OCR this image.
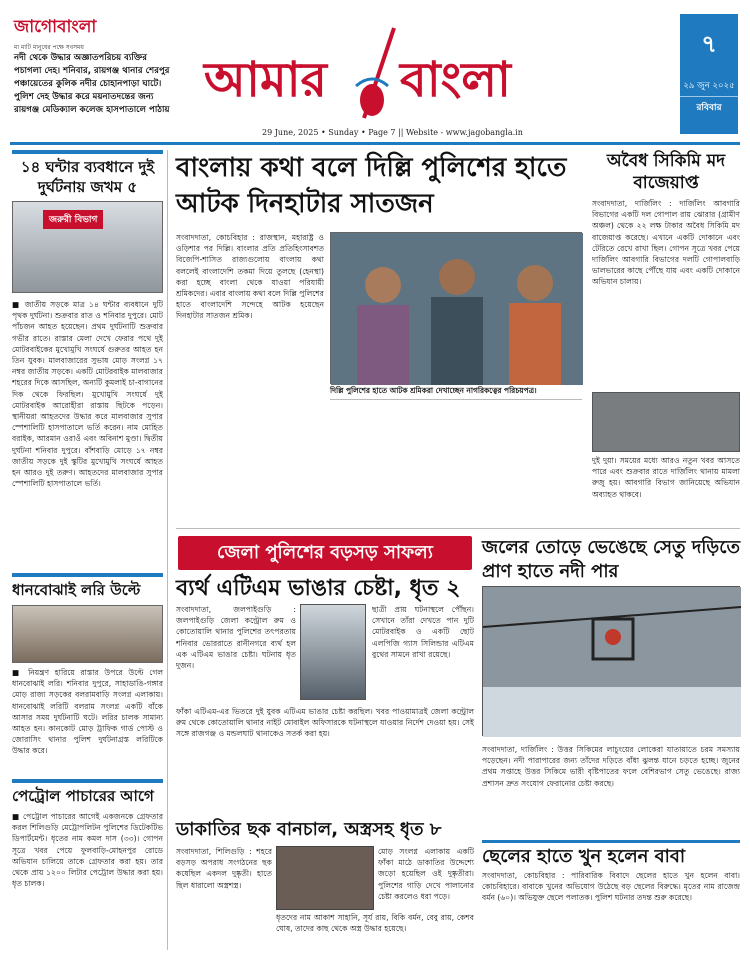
জাগোবাংলা
মা মাটি মানুষের পক্ষে সবসময়
নদী থেকে উদ্ধার অজ্ঞাতপরিচয় ব্যক্তির পচাগলা দেহ। শনিবার, রায়গঞ্জ থানার শেরপুর পঞ্চায়েতের কুলিক নদীর চোহানপাড়া ঘাটে। পুলিশ দেহ উদ্ধার করে ময়নাতদন্তের জন্য রায়গঞ্জ মেডিক্যাল কলেজ হাসপাতালে পাঠায়
আমার বাংলা
29 June, 2025 • Sunday • Page 7 || Website - www.jagobangla.in
৭
২৯ জুন ২০২৫
রবিবার
১৪ ঘন্টার ব্যবধানে দুই দুর্ঘটনায় জখম ৫
জরুরী বিভাগ
■ জাতীয় সড়কে মাত্র ১৪ ঘন্টার ব্যবধানে দুটি পৃথক দুর্ঘটনা। শুক্রবার রাত ও শনিবার দুপুরে। মোট পাঁচজন আহত হয়েছেন। প্রথম দুর্ঘটনাটি শুক্রবার গভীর রাতে। রাস্তার মেলা দেখে ফেরার পথে দুই মোটরবাইকের মুখোমুখি সংঘর্ষে গুরুতর আহত হন তিন যুবক। মালবাজারের সুভাষ মোড় সংলগ্ন ১৭ নম্বর জাতীয় সড়কে। একটি মোটরবাইক মালবাজার শহরের দিকে আসছিল, অন্যটি কুমলাই চা-বাগানের দিক থেকে ফিরছিল। মুখোমুখি সংঘর্ষে দুই মোটরবাইক আরোহীরা রাস্তায় ছিটকে পড়েন। স্থানীয়রা আহতদের উদ্ধার করে মালবাজার সুপার স্পেশালিটি হাসপাতালে ভর্তি করেন। নাম মোহিত বরাইক, আরমান ওরাওঁ এবং অবিনাশ মুণ্ডা। দ্বিতীয় দুর্ঘটনা শনিবার দুপুরে। বাঁশবাড়ি মোড়ে ১৭ নম্বর জাতীয় সড়কে দুই স্কুটির মুখোমুখি সংঘর্ষে আহত হন আরও দুই তরুণ। আহতদের মালবাজার সুপার স্পেশালিটি হাসপাতালে ভর্তি।
ধানবোঝাই লরি উল্টে
■ নিয়ন্ত্রণ হারিয়ে রাস্তার উপরে উল্টে গেল ধানবোঝাই লরি। শনিবার দুপুরে, সাহাডাঙি-গঙ্গার মোড় রাজ্য সড়কের বলরামবাড়ি সংলগ্ন এলাকায়। ধানবোঝাই লরিটি বলরাম সংলগ্ন একটি বাঁকে আসার সময় দুর্ঘটনাটি ঘটে। লরির চালক সামান্য আহত হন। কানকোট মোড় ট্রাফিক গার্ড পোস্ট ও জোরাসিং থানার পুলিশ দুর্ঘটনাগ্রস্ত লরিটিকে উদ্ধার করে।
পেট্রোল পাচারের আগে
■ পেট্রোল পাচারের আগেই একজনকে গ্রেফতার করল শিলিগুড়ি মেট্রোপলিটন পুলিশের ডিটেকটিভ ডিপার্টমেন্ট। ধৃতের নাম কমল দাস (৩৩)। গোপন সূত্রে খবর পেয়ে ফুলবাড়ি-মোহনপুর রোডে অভিযান চালিয়ে তাকে গ্রেফতার করা হয়। তার থেকে প্রায় ১২০০ লিটার পেট্রোল উদ্ধার করা হয়। ধৃত চালক।
বাংলায় কথা বলে দিল্লি পুলিশের হাতে আটক দিনহাটার সাতজন
সংবাদদাতা, কোচবিহার : রাজস্থান, মহারাষ্ট্র ও ওড়িশার পর দিল্লি। বাংলার প্রতি প্রতিহিংসাবশত বিজেপি-শাসিত রাজ্যগুলোয় বাংলায় কথা বললেই বাংলাদেশি তকমা দিয়ে তুলছে (হেনস্থা) করা হচ্ছে বাংলা থেকে যাওয়া পরিযায়ী শ্রমিকদের। এবার বাংলায় কথা বলে দিল্লি পুলিশের হাতে বাংলাদেশি সন্দেহে আটক হয়েছেন দিনহাটার সাতজন শ্রমিক।
দিল্লি পুলিশের হাতে আটক শ্রমিকরা দেখাচ্ছেন নাগরিকত্বের পরিচয়পত্র।
অবৈধ সিকিমি মদ বাজেয়াপ্ত
সংবাদদাতা, দার্জিলিং : দার্জিলিং আবগারি বিভাগের একটি দল গোপাল রায় ঝোরার (গ্রামীণ অঞ্চল) থেকে ২২ লক্ষ টাকার অবৈধ সিকিমি মদ বাজেয়াপ্ত করেছে। এখানে একটি দোকানে এবং টেরিতে রেখে রাখা ছিল। গোপন সূত্রে খবর পেয়ে দার্জিলিং আবগারি বিভাগের দলটি গোপালবাড়ি ভালভারের কাছে পৌঁছে যায় এবং একটি দোকানে অভিযান চালায়।
দুই দুয়া। সময়ের মধ্যে আরও নতুন খবর আসতে পারে এবং শুক্রবার রাতে দার্জিলিং থানায় মামলা রুজু হয়। আবগারি বিভাগ জানিয়েছে অভিযান অব্যাহত থাকবে।
জেলা পুলিশের বড়সড় সাফল্য
ব্যর্থ এটিএম ভাঙার চেষ্টা, ধৃত ২
সংবাদদাতা, জলপাইগুড়ি : জলপাইগুড়ি জেলা কন্ট্রোল রুম ও কোতোয়ালি থানার পুলিশের তৎপরতায় শনিবার ভোররাতে রানীনগরে ব্যর্থ হল এক এটিএম ভাঙার চেষ্টা। ঘটনায় ধৃত দুজন।
ছাত্রী প্রায় ঘটনাস্থলে পৌঁছন। সেখানে তাঁরা দেখতে পান দুটি মোটরবাইক ও একটি ছোট এলপিজি গ্যাস সিলিন্ডার এটিএম বুথের সামনে রাখা রয়েছে।
ফাঁকা এটিএম-এর ভিতরে দুই যুবক এটিএম ভাঙার চেষ্টা করছিল। খবর পাওয়ামাত্রই জেলা কন্ট্রোল রুম থেকে কোতোয়ালি থানার নাইট মোবাইল অফিসারকে ঘটনাস্থলে যাওয়ার নির্দেশ দেওয়া হয়। সেই সঙ্গে রাজগঞ্জ ও মন্ডলঘাট থানাকেও সতর্ক করা হয়।
জলের তোড়ে ভেঙেছে সেতু দড়িতে প্রাণ হাতে নদী পার
সংবাদদাতা, দার্জিলিং : উত্তর সিকিমের লাচুংয়ের লোকেরা যাতায়াতে চরম সমস্যায় পড়েছেন। নদী পারাপারের জন্য তাঁদের দড়িতে বাঁধা ঝুলন্ত যানে চড়তে হচ্ছে। জুনের প্রথম সপ্তাহে উত্তর সিকিমে ভারী বৃষ্টিপাতের ফলে বেশিরভাগ সেতু ভেঙেছে। রাজ্য প্রশাসন দ্রুত সংযোগ ফেরানোর চেষ্টা করছে।
ডাকাতির ছক বানচাল, অস্ত্রসহ ধৃত ৮
সংবাদদাতা, শিলিগুড়ি : শহরে বড়সড় অপরাধ সংগঠনের ছক কষেছিল একদল দুষ্কৃতী। হাতে ছিল ধারালো অস্ত্রশস্ত্র।
মোড় সংলগ্ন এলাকায় একটি ফাঁকা মাঠে ডাকাতির উদ্দেশ্যে জড়ো হয়েছিল ওই দুষ্কৃতীরা। পুলিশের গাড়ি দেখে পালানোর চেষ্টা করলেও ধরা পড়ে।
ধৃতদের নাম আকাশ সাহানি, সূর্য রায়, বিকি বর্মন, বেবু রায়, কেশব ঘোষ, তাদের কাছ থেকে অস্ত্র উদ্ধার হয়েছে।
ছেলের হাতে খুন হলেন বাবা
সংবাদদাতা, কোচবিহার : পারিবারিক বিবাদে ছেলের হাতে খুন হলেন বাবা। কোচবিহারে। বাবাকে খুনের অভিযোগ উঠেছে বড় ছেলের বিরুদ্ধে। মৃতের নাম রাজেন্দ্র বর্মন (৬০)। অভিযুক্ত ছেলে পলাতক। পুলিশ ঘটনার তদন্ত শুরু করেছে।
